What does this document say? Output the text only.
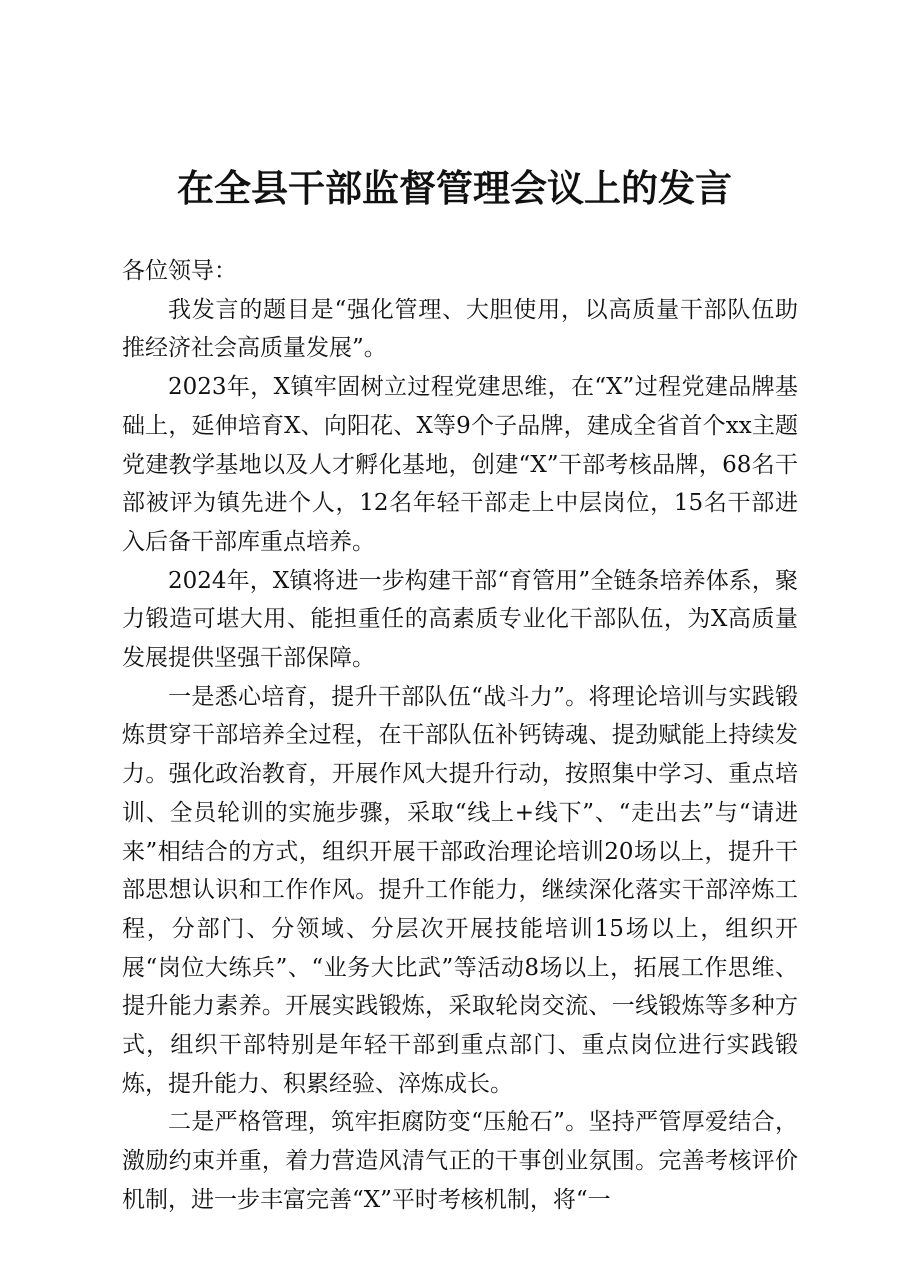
在全县干部监督管理会议上的发言

各位领导：

我发言的题目是“强化管理、大胆使用，以高质量干部队伍助推经济社会高质量发展”。

2023年，X镇牢固树立过程党建思维，在“X”过程党建品牌基础上，延伸培育X、向阳花、X等9个子品牌，建成全省首个xx主题党建教学基地以及人才孵化基地，创建“X”干部考核品牌，68名干部被评为镇先进个人，12名年轻干部走上中层岗位，15名干部进入后备干部库重点培养。

2024年，X镇将进一步构建干部“育管用”全链条培养体系，聚力锻造可堪大用、能担重任的高素质专业化干部队伍，为X高质量发展提供坚强干部保障。

一是悉心培育，提升干部队伍“战斗力”。将理论培训与实践锻炼贯穿干部培养全过程，在干部队伍补钙铸魂、提劲赋能上持续发力。强化政治教育，开展作风大提升行动，按照集中学习、重点培训、全员轮训的实施步骤，采取“线上+线下”、“走出去”与“请进来”相结合的方式，组织开展干部政治理论培训20场以上，提升干部思想认识和工作作风。提升工作能力，继续深化落实干部淬炼工程，分部门、分领域、分层次开展技能培训15场以上，组织开展“岗位大练兵”、“业务大比武”等活动8场以上，拓展工作思维、提升能力素养。开展实践锻炼，采取轮岗交流、一线锻炼等多种方式，组织干部特别是年轻干部到重点部门、重点岗位进行实践锻炼，提升能力、积累经验、淬炼成长。

二是严格管理，筑牢拒腐防变“压舱石”。坚持严管厚爱结合，激励约束并重，着力营造风清气正的干事创业氛围。完善考核评价机制，进一步丰富完善“X”平时考核机制，将“一
